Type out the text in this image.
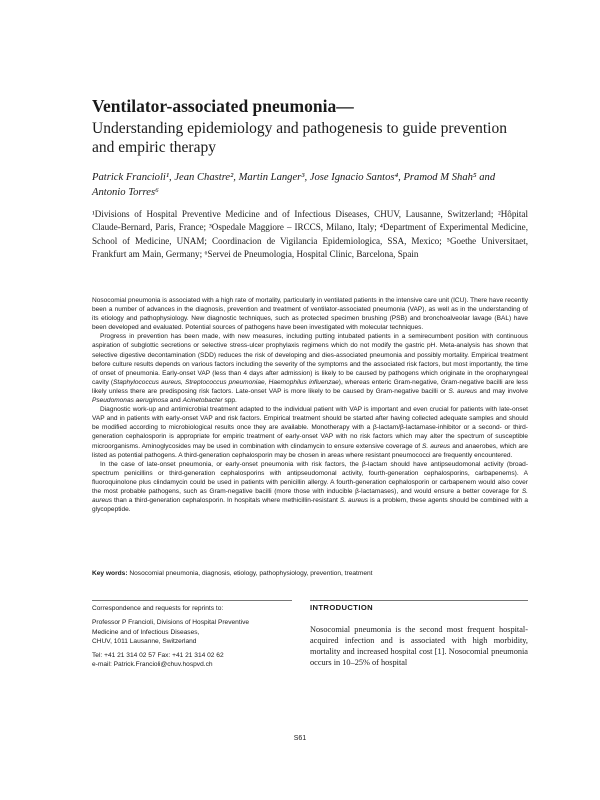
Ventilator-associated pneumonia—
Understanding epidemiology and pathogenesis to guide prevention and empiric therapy
Patrick Francioli¹, Jean Chastre², Martin Langer³, Jose Ignacio Santos⁴, Pramod M Shah⁵ and Antonio Torres⁶
¹Divisions of Hospital Preventive Medicine and of Infectious Diseases, CHUV, Lausanne, Switzerland; ²Hôpital Claude-Bernard, Paris, France; ³Ospedale Maggiore – IRCCS, Milano, Italy; ⁴Department of Experimental Medicine, School of Medicine, UNAM; Coordinacion de Vigilancia Epidemiologica, SSA, Mexico; ⁵Goethe Universitaet, Frankfurt am Main, Germany; ⁶Servei de Pneumologia, Hospital Clinic, Barcelona, Spain

Nosocomial pneumonia is associated with a high rate of mortality, particularly in ventilated patients in the intensive care unit (ICU). There have recently been a number of advances in the diagnosis, prevention and treatment of ventilator-associated pneumonia (VAP), as well as in the understanding of its etiology and pathophysiology. New diagnostic techniques, such as protected specimen brushing (PSB) and bronchoalveolar lavage (BAL) have been developed and evaluated. Potential sources of pathogens have been investigated with molecular techniques.

Progress in prevention has been made, with new measures, including putting intubated patients in a semirecumbent position with continuous aspiration of subglottic secretions or selective stress-ulcer prophylaxis regimens which do not modify the gastric pH. Meta-analysis has shown that selective digestive decontamination (SDD) reduces the risk of developing and dies-associated pneumonia and possibly mortality. Empirical treatment before culture results depends on various factors including the severity of the symptoms and the associated risk factors, but most importantly, the time of onset of pneumonia. Early-onset VAP (less than 4 days after admission) is likely to be caused by pathogens which originate in the oropharyngeal cavity (Staphylococcus aureus, Streptococcus pneumoniae, Haemophilus influenzae), whereas enteric Gram-negative, Gram-negative bacilli are less likely unless there are predisposing risk factors. Late-onset VAP is more likely to be caused by Gram-negative bacilli or S. aureus and may involve Pseudomonas aeruginosa and Acinetobacter spp.

Diagnostic work-up and antimicrobial treatment adapted to the individual patient with VAP is important and even crucial for patients with late-onset VAP and in patients with early-onset VAP and risk factors. Empirical treatment should be started after having collected adequate samples and should be modified according to microbiological results once they are available. Monotherapy with a β-lactam/β-lactamase-inhibitor or a second- or third-generation cephalosporin is appropriate for empiric treatment of early-onset VAP with no risk factors which may alter the spectrum of susceptible microorganisms. Aminoglycosides may be used in combination with clindamycin to ensure extensive coverage of S. aureus and anaerobes, which are listed as potential pathogens. A third-generation cephalosporin may be chosen in areas where resistant pneumococci are frequently encountered.

In the case of late-onset pneumonia, or early-onset pneumonia with risk factors, the β-lactam should have antipseudomonal activity (broad-spectrum penicillins or third-generation cephalosporins with antipseudomonal activity, fourth-generation cephalosporins, carbapenems). A fluoroquinolone plus clindamycin could be used in patients with penicillin allergy. A fourth-generation cephalosporin or carbapenem would also cover the most probable pathogens, such as Gram-negative bacilli (more those with inducible β-lactamases), and would ensure a better coverage for S. aureus than a third-generation cephalosporin. In hospitals where methicillin-resistant S. aureus is a problem, these agents should be combined with a glycopeptide.

Key words: Nosocomial pneumonia, diagnosis, etiology, pathophysiology, prevention, treatment
Correspondence and requests for reprints to:
Professor P Francioli, Divisions of Hospital Preventive
Medicine and of Infectious Diseases,
CHUV, 1011 Lausanne, Switzerland
Tel: +41 21 314 02 57 Fax: +41 21 314 02 62
e-mail: Patrick.Francioli@chuv.hospvd.ch
INTRODUCTION

Nosocomial pneumonia is the second most frequent hospital-acquired infection and is associated with high morbidity, mortality and increased hospital cost [1]. Nosocomial pneumonia occurs in 10–25% of hospital

S61
